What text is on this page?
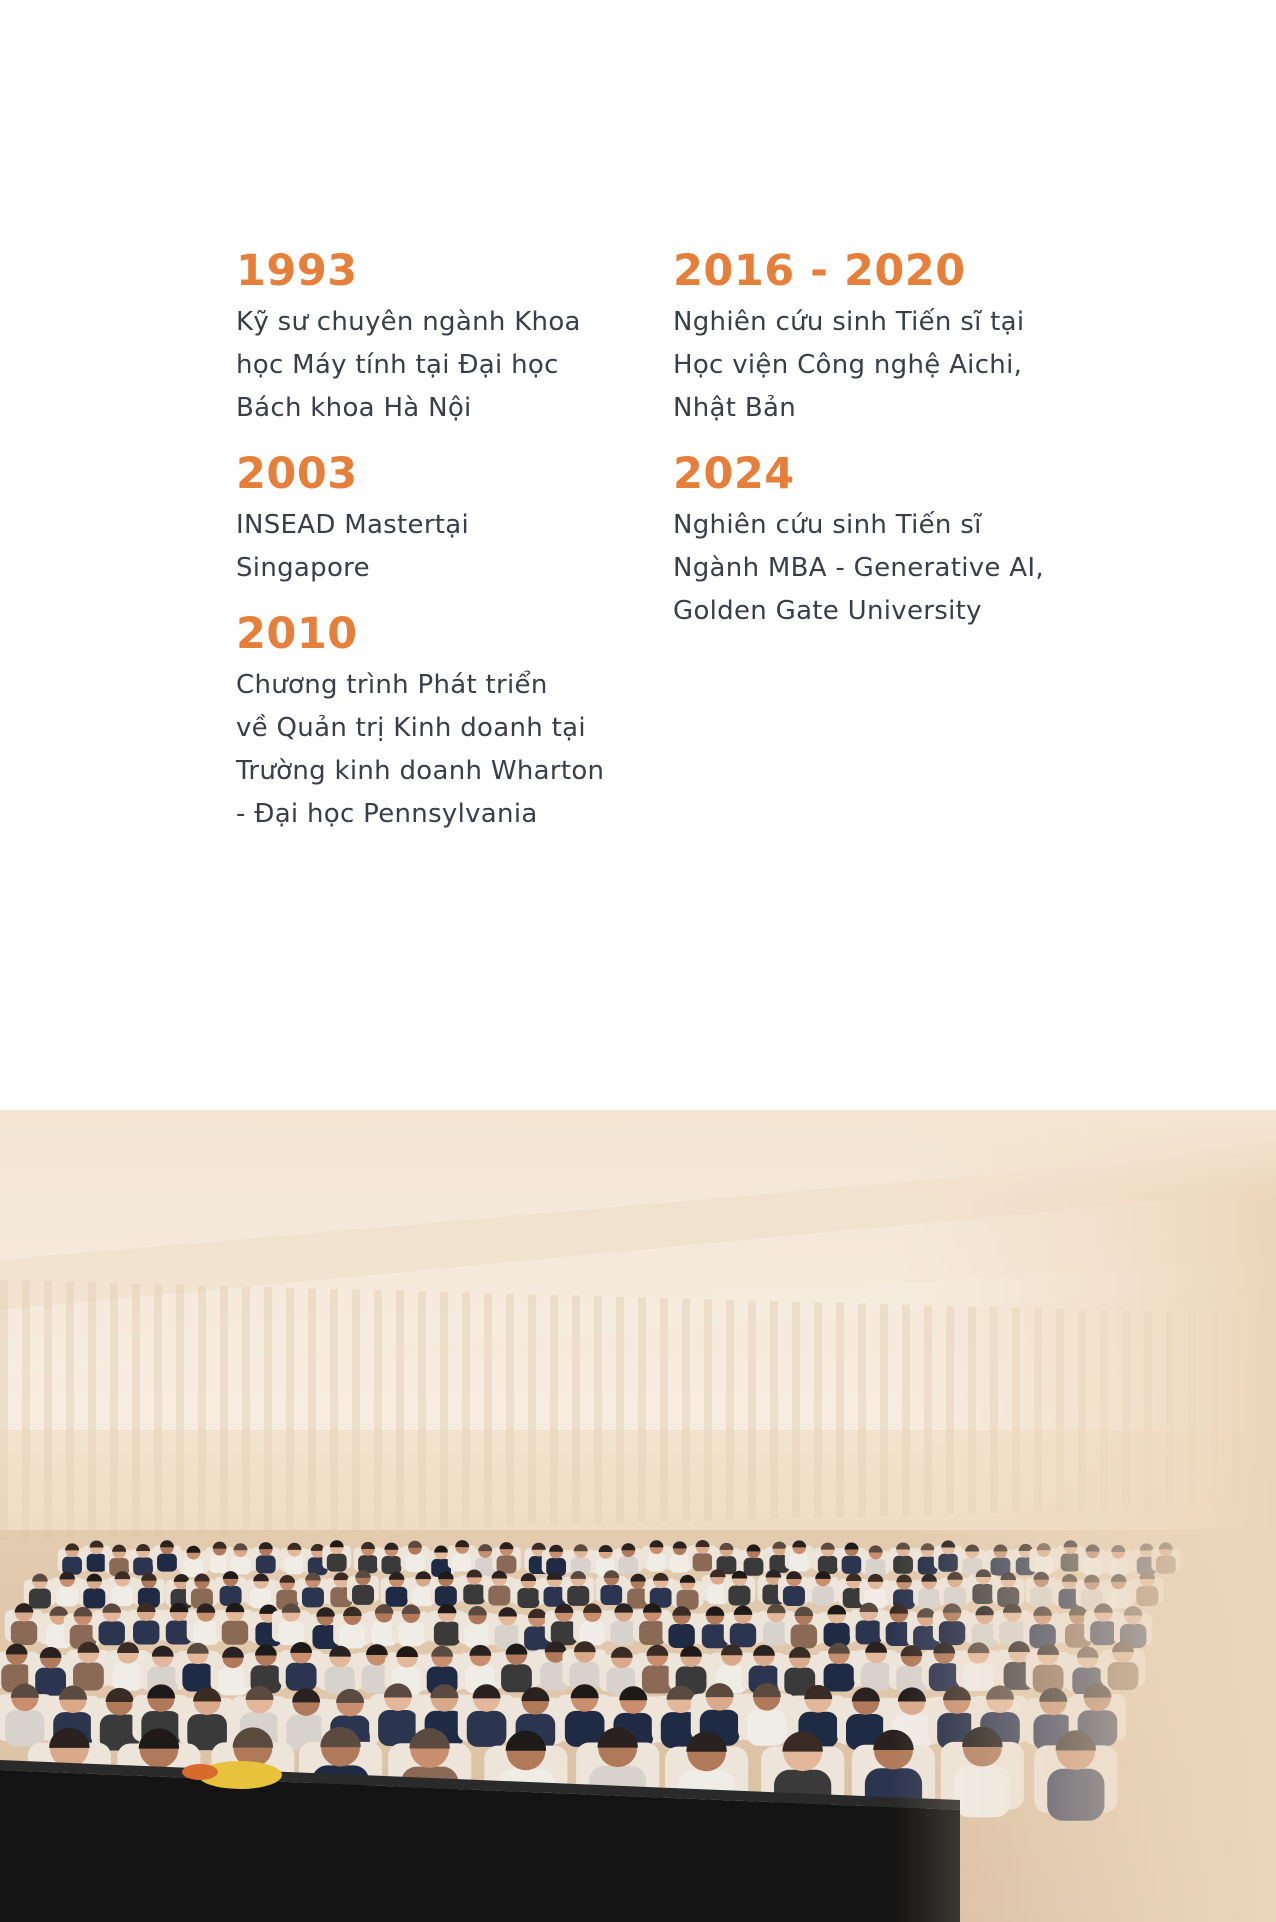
1993

Kỹ sư chuyên ngành Khoa
học Máy tính tại Đại học
Bách khoa Hà Nội

2003

INSEAD Mastertại
Singapore

2010

Chương trình Phát triển
về Quản trị Kinh doanh tại
Trường kinh doanh Wharton
- Đại học Pennsylvania

2016 - 2020

Nghiên cứu sinh Tiến sĩ tại
Học viện Công nghệ Aichi,
Nhật Bản

2024

Nghiên cứu sinh Tiến sĩ
Ngành MBA - Generative AI,
Golden Gate University
